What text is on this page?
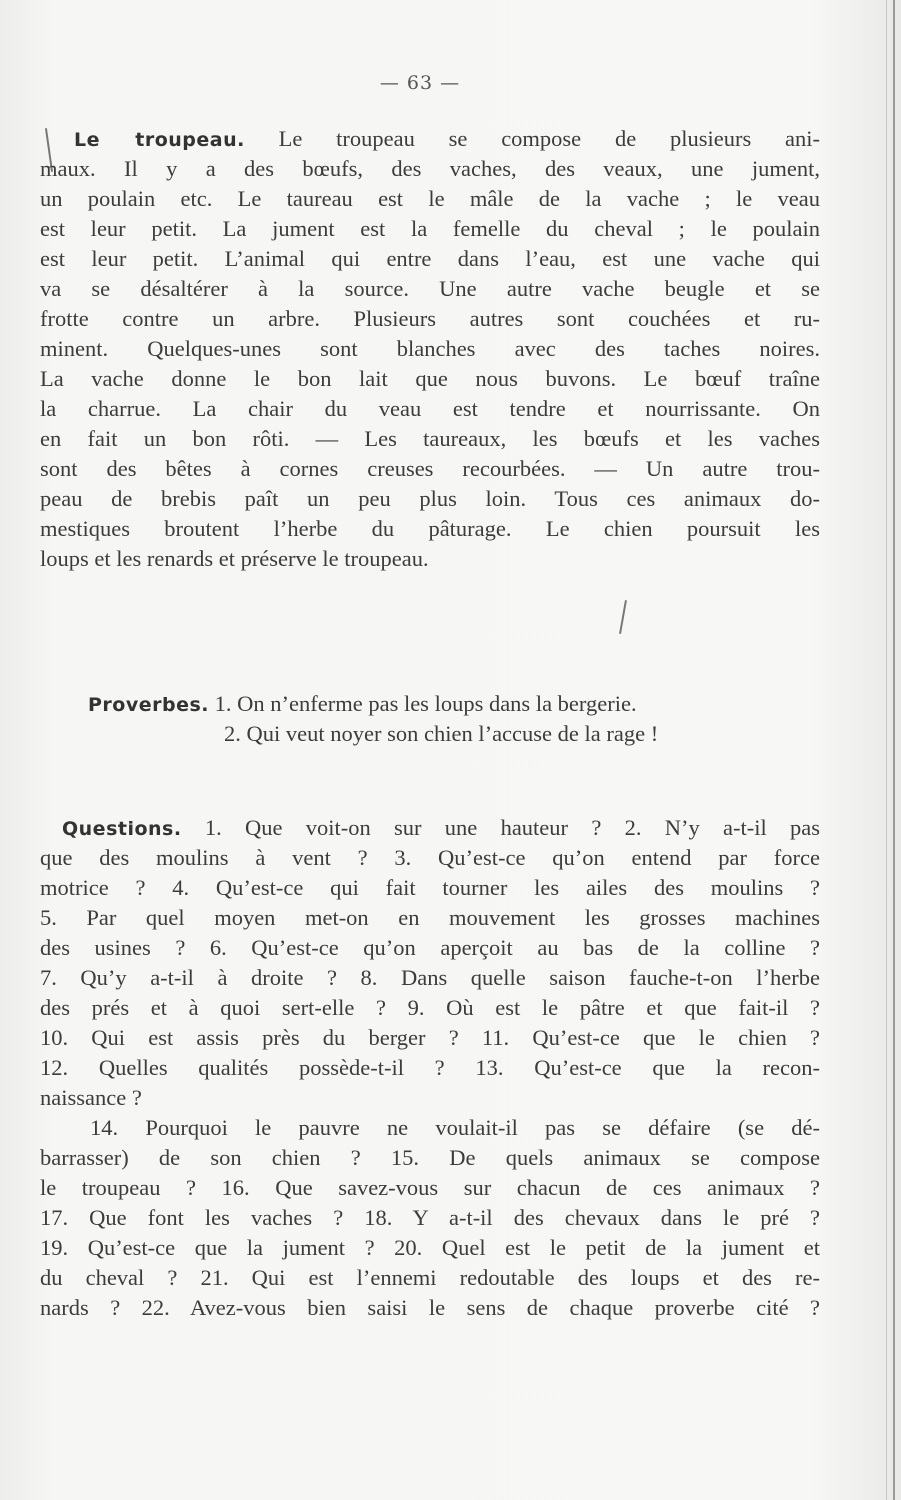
— 63 —
Le troupeau. Le troupeau se compose de plusieurs ani-
maux. Il y a des bœufs, des vaches, des veaux, une jument,
un poulain etc. Le taureau est le mâle de la vache ; le veau
est leur petit. La jument est la femelle du cheval ; le poulain
est leur petit. L’animal qui entre dans l’eau, est une vache qui
va se désaltérer à la source. Une autre vache beugle et se
frotte contre un arbre. Plusieurs autres sont couchées et ru-
minent. Quelques-unes sont blanches avec des taches noires.
La vache donne le bon lait que nous buvons. Le bœuf traîne
la charrue. La chair du veau est tendre et nourrissante. On
en fait un bon rôti. — Les taureaux, les bœufs et les vaches
sont des bêtes à cornes creuses recourbées. — Un autre trou-
peau de brebis paît un peu plus loin. Tous ces animaux do-
mestiques broutent l’herbe du pâturage. Le chien poursuit les
loups et les renards et préserve le troupeau.
Proverbes. 1. On n’enferme pas les loups dans la bergerie.
2. Qui veut noyer son chien l’accuse de la rage !
Questions. 1. Que voit-on sur une hauteur ? 2. N’y a-t-il pas
que des moulins à vent ? 3. Qu’est-ce qu’on entend par force
motrice ? 4. Qu’est-ce qui fait tourner les ailes des moulins ?
5. Par quel moyen met-on en mouvement les grosses machines
des usines ? 6. Qu’est-ce qu’on aperçoit au bas de la colline ?
7. Qu’y a-t-il à droite ? 8. Dans quelle saison fauche-t-on l’herbe
des prés et à quoi sert-elle ? 9. Où est le pâtre et que fait-il ?
10. Qui est assis près du berger ? 11. Qu’est-ce que le chien ?
12. Quelles qualités possède-t-il ? 13. Qu’est-ce que la recon-
naissance ?
14. Pourquoi le pauvre ne voulait-il pas se défaire (se dé-
barrasser) de son chien ? 15. De quels animaux se compose
le troupeau ? 16. Que savez-vous sur chacun de ces animaux ?
17. Que font les vaches ? 18. Y a-t-il des chevaux dans le pré ?
19. Qu’est-ce que la jument ? 20. Quel est le petit de la jument et
du cheval ? 21. Qui est l’ennemi redoutable des loups et des re-
nards ? 22. Avez-vous bien saisi le sens de chaque proverbe cité ?
